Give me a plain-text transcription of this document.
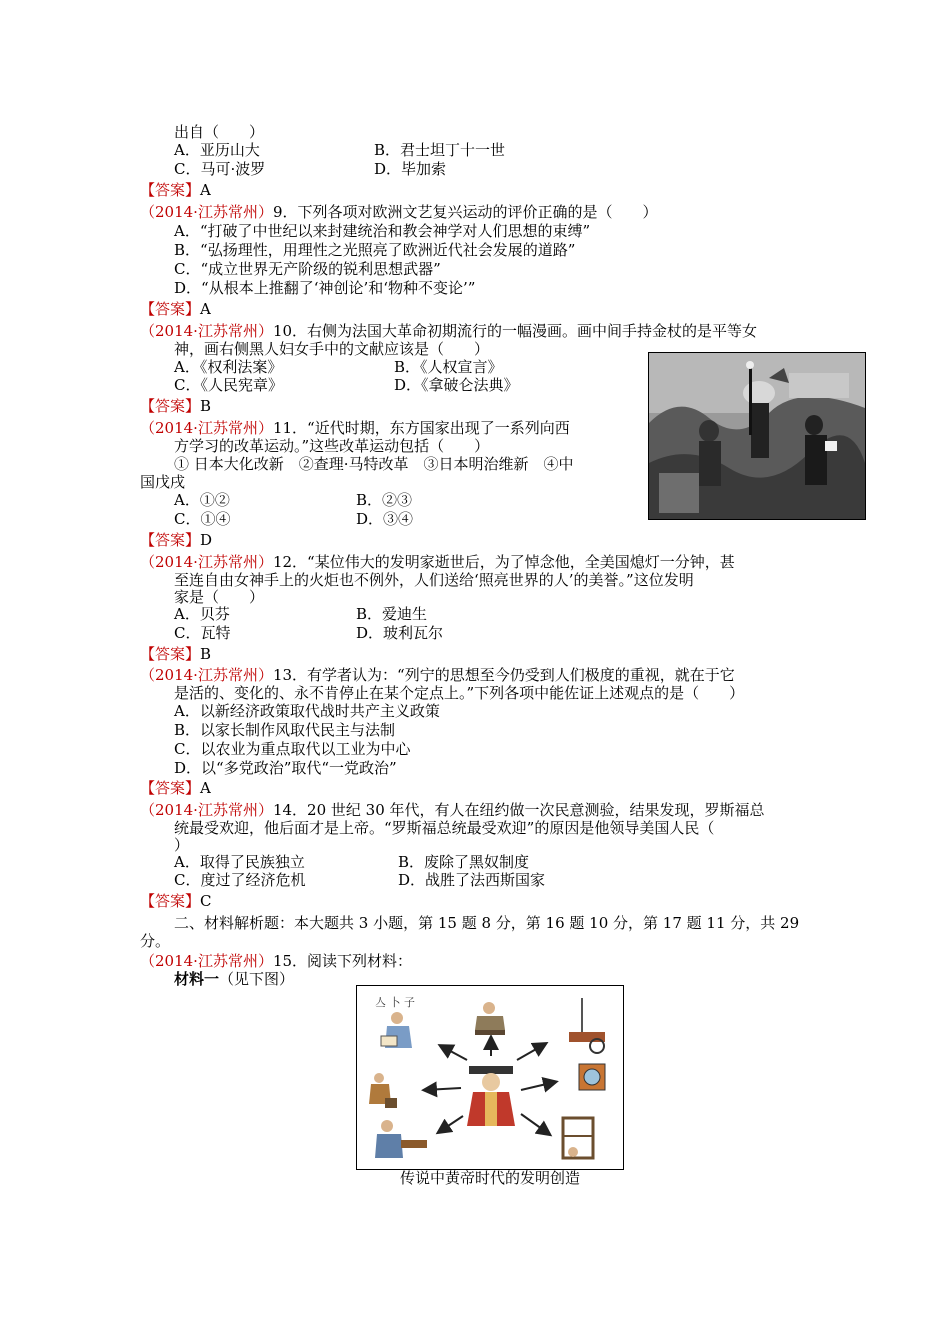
出自（　　）
A．亚历山大	B．君士坦丁十一世
C．马可·波罗	D．毕加索
【答案】A
（2014·江苏常州）9．下列各项对欧洲文艺复兴运动的评价正确的是（　　）
A．“打破了中世纪以来封建统治和教会神学对人们思想的束缚”
B．“弘扬理性，用理性之光照亮了欧洲近代社会发展的道路”
C．“成立世界无产阶级的锐利思想武器”
D．“从根本上推翻了‘神创论’和‘物种不变论’”
【答案】A
（2014·江苏常州）10．右侧为法国大革命初期流行的一幅漫画。画中间手持金杖的是平等女
神，画右侧黑人妇女手中的文献应该是（　　）
A．《权利法案》	B．《人权宣言》
C．《人民宪章》	D．《拿破仑法典》
【答案】B
（2014·江苏常州）11．“近代时期，东方国家出现了一系列向西
方学习的改革运动。”这些改革运动包括（　　）
① 日本大化改新　②查理·马特改革　③日本明治维新　④中
国戊戌
A．①②	B．②③
C．①④	D．③④
【答案】D
（2014·江苏常州）12．“某位伟大的发明家逝世后，为了悼念他，全美国熄灯一分钟，甚
至连自由女神手上的火炬也不例外，人们送给‘照亮世界的人’的美誉。”这位发明
家是（　　）
A．贝芬	B．爱迪生
C．瓦特	D．玻利瓦尔
【答案】B
（2014·江苏常州）13．有学者认为：“列宁的思想至今仍受到人们极度的重视，就在于它
是活的、变化的、永不肯停止在某个定点上。”下列各项中能佐证上述观点的是（　　）
A．以新经济政策取代战时共产主义政策
B．以家长制作风取代民主与法制
C．以农业为重点取代以工业为中心
D．以“多党政治”取代“一党政治”
【答案】A
（2014·江苏常州）14．20 世纪 30 年代，有人在纽约做一次民意测验，结果发现，罗斯福总
统最受欢迎，他后面才是上帝。“罗斯福总统最受欢迎”的原因是他领导美国人民（
）
A．取得了民族独立	B．废除了黑奴制度
C．度过了经济危机	D．战胜了法西斯国家
【答案】C
二、材料解析题：本大题共 3 小题，第 15 题 8 分，第 16 题 10 分，第 17 题 11 分，共 29
分。
（2014·江苏常州）15．阅读下列材料：
材料一（见下图）
亼 卜 子
传说中黄帝时代的发明创造
